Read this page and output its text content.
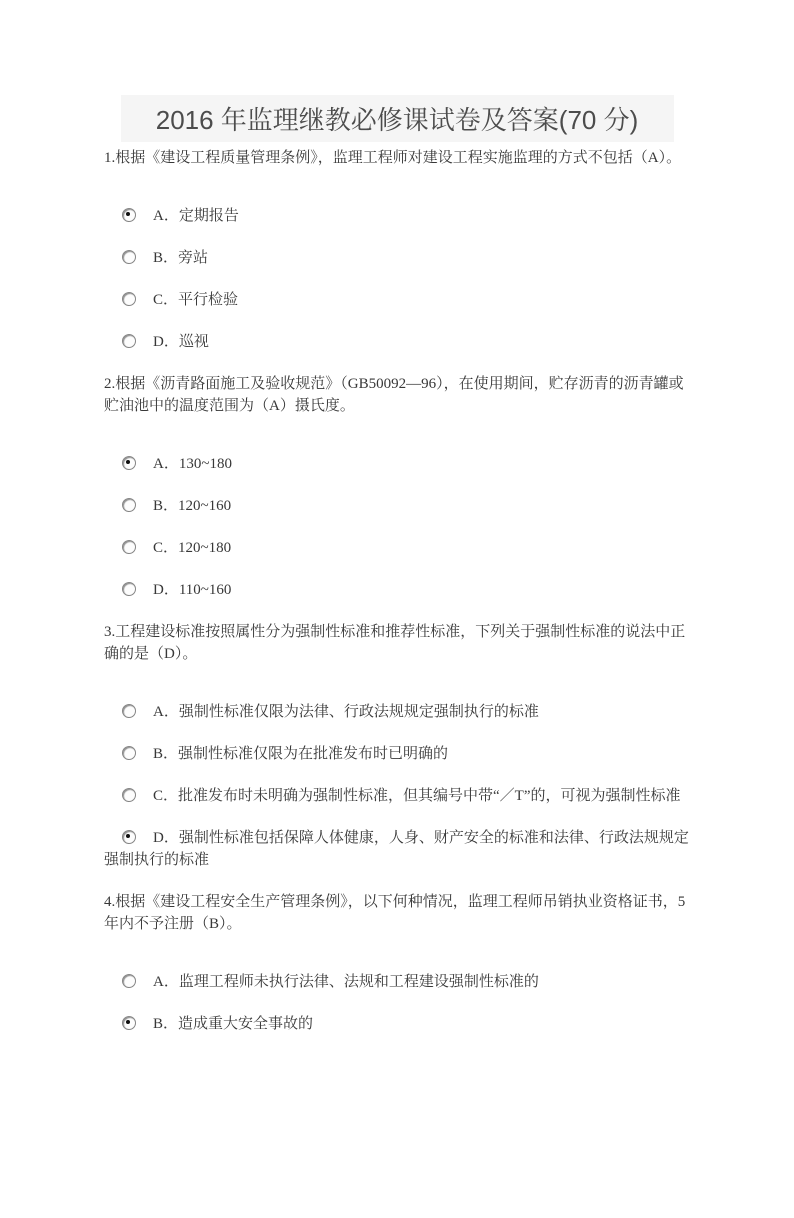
2016 年监理继教必修课试卷及答案(70 分)

1.根据《建设工程质量管理条例》，监理工程师对建设工程实施监理的方式不包括（A）。

A．定期报告
B．旁站
C．平行检验
D．巡视

2.根据《沥青路面施工及验收规范》（GB50092—96），在使用期间，贮存沥青的沥青罐或贮油池中的温度范围为（A）摄氏度。

A．130~180
B．120~160
C．120~180
D．110~160

3.工程建设标准按照属性分为强制性标准和推荐性标准，下列关于强制性标准的说法中正确的是（D）。

A．强制性标准仅限为法律、行政法规规定强制执行的标准
B．强制性标准仅限为在批准发布时已明确的
C．批准发布时未明确为强制性标准，但其编号中带“／T”的，可视为强制性标准
D．强制性标准包括保障人体健康，人身、财产安全的标准和法律、行政法规规定强制执行的标准

4.根据《建设工程安全生产管理条例》，以下何种情况，监理工程师吊销执业资格证书，5 年内不予注册（B）。

A．监理工程师未执行法律、法规和工程建设强制性标准的
B．造成重大安全事故的
